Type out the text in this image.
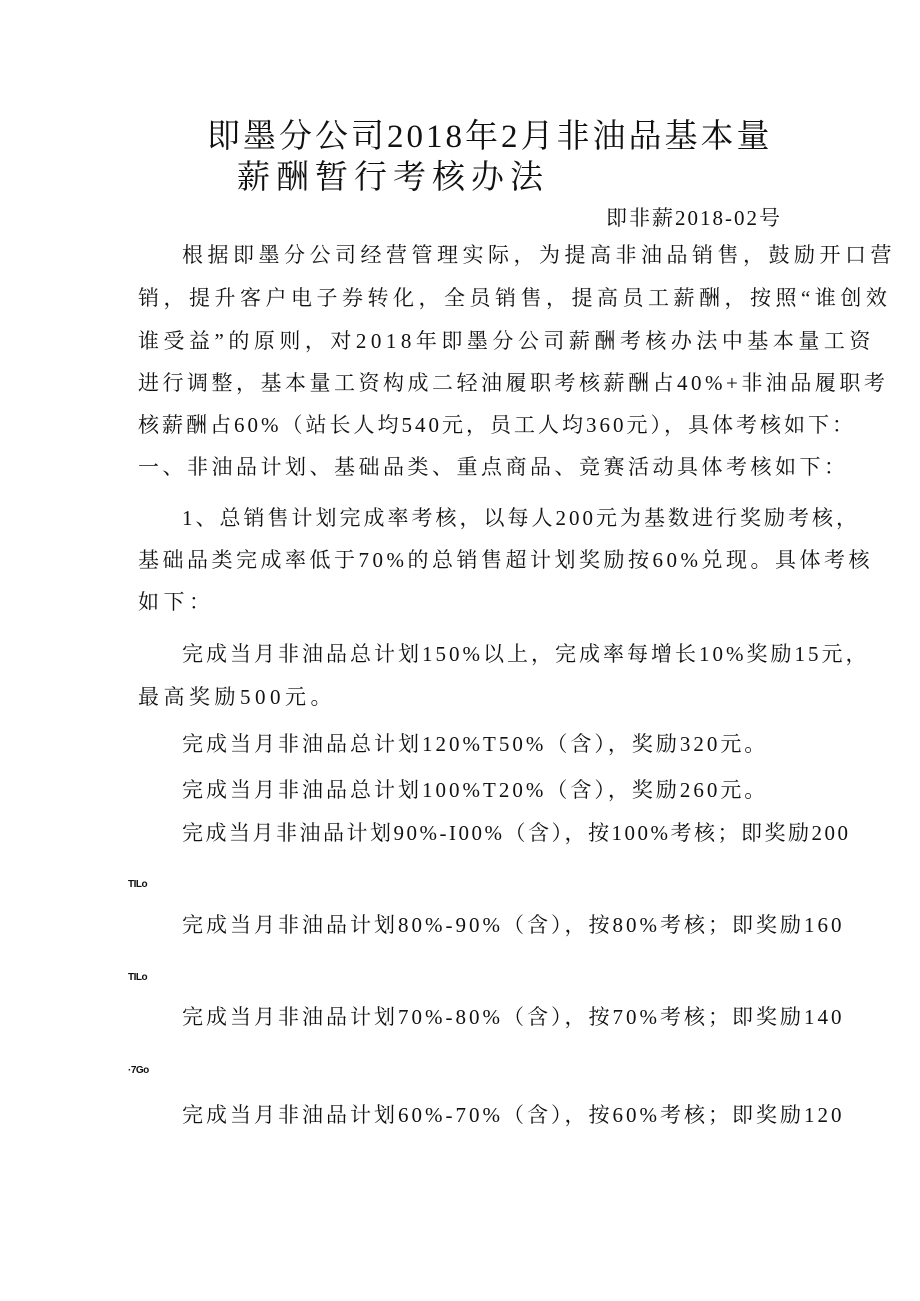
即墨分公司2018年2月非油品基本量
薪酬暂行考核办法
即非薪2018-02号
根据即墨分公司经营管理实际，为提高非油品销售，鼓励开口营
销，提升客户电子券转化，全员销售，提高员工薪酬，按照“谁创效
谁受益”的原则，对2018年即墨分公司薪酬考核办法中基本量工资
进行调整，基本量工资构成二轻油履职考核薪酬占40%+非油品履职考
核薪酬占60%（站长人均540元，员工人均360元），具体考核如下：
一、非油品计划、基础品类、重点商品、竞赛活动具体考核如下：
1、总销售计划完成率考核，以每人200元为基数进行奖励考核，
基础品类完成率低于70%的总销售超计划奖励按60%兑现。具体考核
如下：
完成当月非油品总计划150%以上，完成率每增长10%奖励15元，
最高奖励500元。
完成当月非油品总计划120%T50%（含），奖励320元。
完成当月非油品总计划100%T20%（含），奖励260元。
完成当月非油品计划90%-I00%（含），按100%考核；即奖励200
TILo
完成当月非油品计划80%-90%（含），按80%考核；即奖励160
TILo
完成当月非油品计划70%-80%（含），按70%考核；即奖励140
·7Go
完成当月非油品计划60%-70%（含），按60%考核；即奖励120
